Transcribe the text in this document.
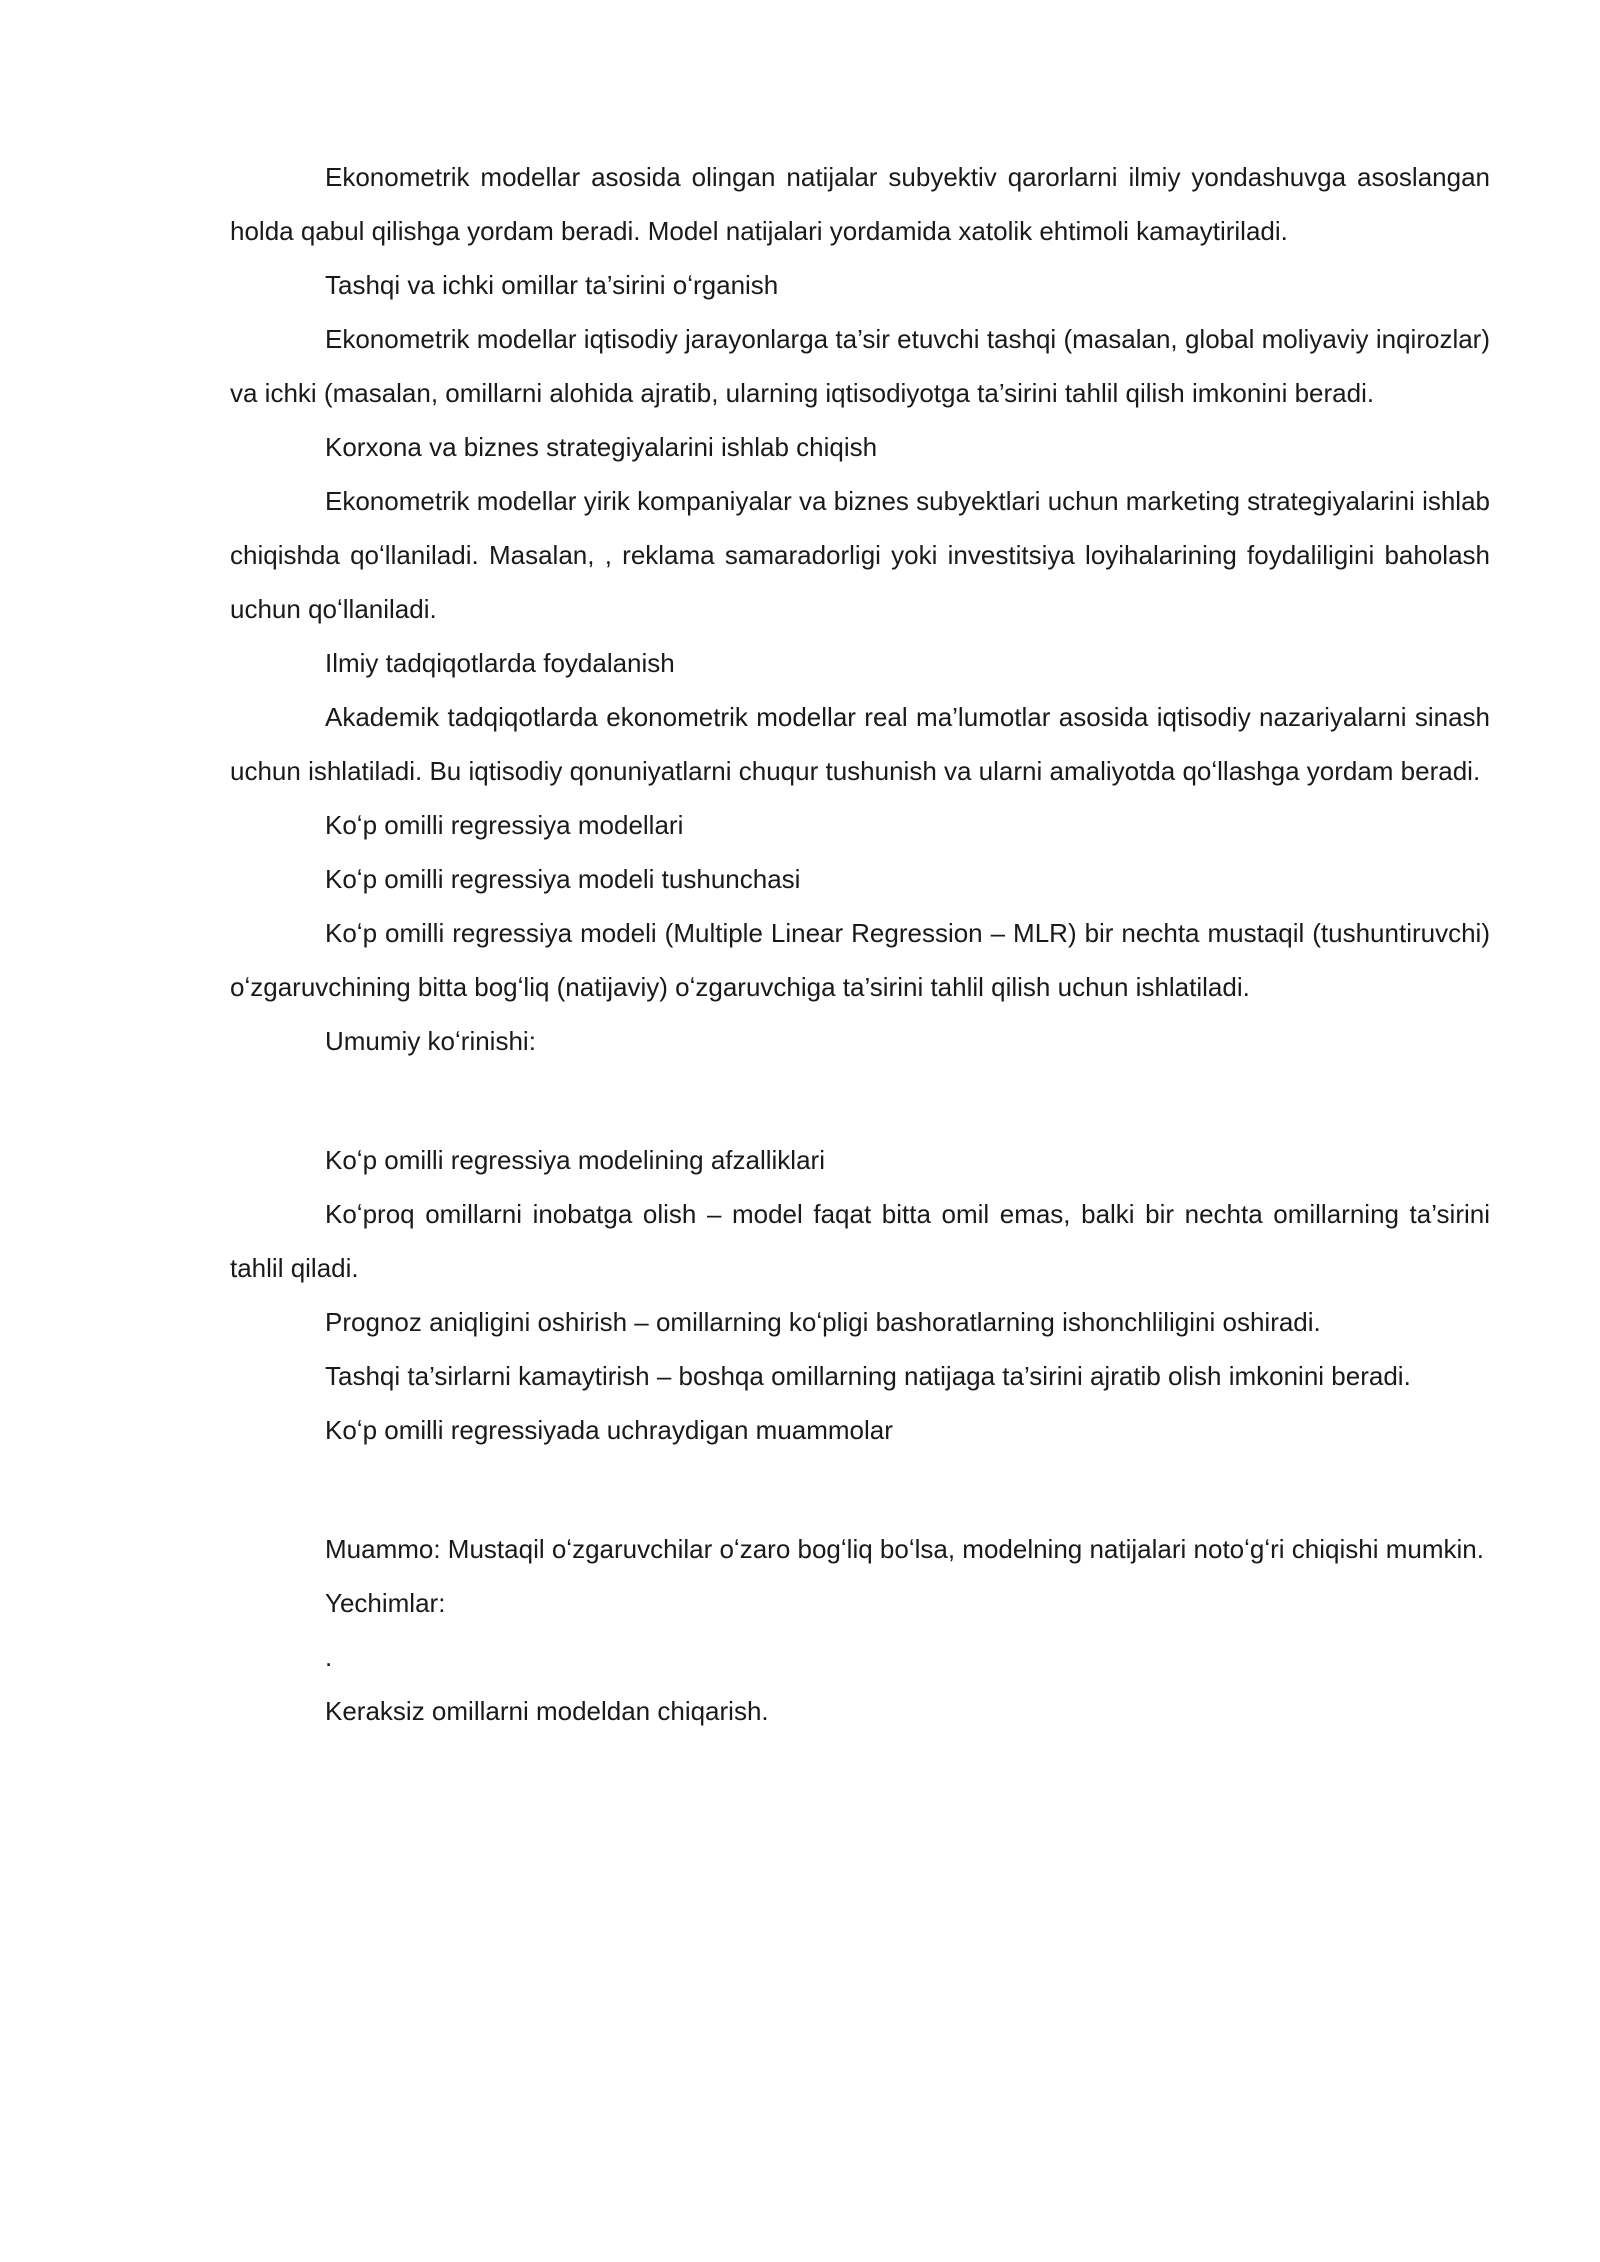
Ekonometrik modellar asosida olingan natijalar subyektiv qarorlarni ilmiy yondashuvga asoslangan holda qabul qilishga yordam beradi. Model natijalari yordamida xatolik ehtimoli kamaytiriladi.

Tashqi va ichki omillar ta’sirini oʻrganish

Ekonometrik modellar iqtisodiy jarayonlarga ta’sir etuvchi tashqi (masalan, global moliyaviy inqirozlar) va ichki (masalan, omillarni alohida ajratib, ularning iqtisodiyotga ta’sirini tahlil qilish imkonini beradi.

Korxona va biznes strategiyalarini ishlab chiqish

Ekonometrik modellar yirik kompaniyalar va biznes subyektlari uchun marketing strategiyalarini ishlab chiqishda qoʻllaniladi. Masalan, , reklama samaradorligi yoki investitsiya loyihalarining foydaliligini baholash uchun qoʻllaniladi.

Ilmiy tadqiqotlarda foydalanish

Akademik tadqiqotlarda ekonometrik modellar real ma’lumotlar asosida iqtisodiy nazariyalarni sinash uchun ishlatiladi. Bu iqtisodiy qonuniyatlarni chuqur tushunish va ularni amaliyotda qoʻllashga yordam beradi.

Koʻp omilli regressiya modellari

Koʻp omilli regressiya modeli tushunchasi

Koʻp omilli regressiya modeli (Multiple Linear Regression – MLR) bir nechta mustaqil (tushuntiruvchi) oʻzgaruvchining bitta bogʻliq (natijaviy) oʻzgaruvchiga ta’sirini tahlil qilish uchun ishlatiladi.

Umumiy koʻrinishi:

Koʻp omilli regressiya modelining afzalliklari

Koʻproq omillarni inobatga olish – model faqat bitta omil emas, balki bir nechta omillarning ta’sirini tahlil qiladi.

Prognoz aniqligini oshirish – omillarning koʻpligi bashoratlarning ishonchliligini oshiradi.

Tashqi ta’sirlarni kamaytirish – boshqa omillarning natijaga ta’sirini ajratib olish imkonini beradi.

Koʻp omilli regressiyada uchraydigan muammolar

Muammo: Mustaqil oʻzgaruvchilar oʻzaro bogʻliq boʻlsa, modelning natijalari notoʻgʻri chiqishi mumkin.

Yechimlar:

.

Keraksiz omillarni modeldan chiqarish.
